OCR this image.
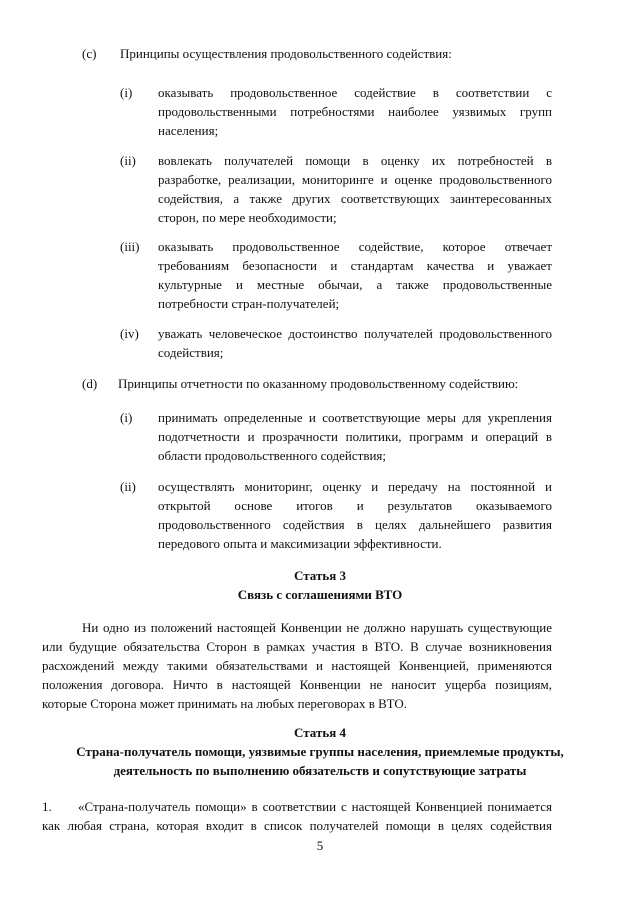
(c) Принципы осуществления продовольственного содействия:

(i) оказывать продовольственное содействие в соответствии с

продовольственными потребностями наиболее уязвимых групп

населения;

(ii) вовлекать получателей помощи в оценку их потребностей в

разработке, реализации, мониторинге и оценке продовольственного

содействия, а также других соответствующих заинтересованных

сторон, по мере необходимости;

(iii) оказывать продовольственное содействие, которое отвечает

требованиям безопасности и стандартам качества и уважает

культурные и местные обычаи, а также продовольственные

потребности стран-получателей;

(iv) уважать человеческое достоинство получателей продовольственного

содействия;

(d) Принципы отчетности по оказанному продовольственному содействию:

(i) принимать определенные и соответствующие меры для укрепления

подотчетности и прозрачности политики, программ и операций в

области продовольственного содействия;

(ii) осуществлять мониторинг, оценку и передачу на постоянной и

открытой основе итогов и результатов оказываемого

продовольственного содействия в целях дальнейшего развития

передового опыта и максимизации эффективности.

Статья 3
Связь с соглашениями ВТО

Ни одно из положений настоящей Конвенции не должно нарушать существующие

или будущие обязательства Сторон в рамках участия в ВТО. В случае возникновения

расхождений между такими обязательствами и настоящей Конвенцией, применяются

положения договора. Ничто в настоящей Конвенции не наносит ущерба позициям,

которые Сторона может принимать на любых переговорах в ВТО.

Статья 4
Страна-получатель помощи, уязвимые группы населения, приемлемые продукты,
деятельность по выполнению обязательств и сопутствующие затраты
1. «Страна-получатель помощи» в соответствии с настоящей Конвенцией понимается

как любая страна, которая входит в список получателей помощи в целях содействия

5
